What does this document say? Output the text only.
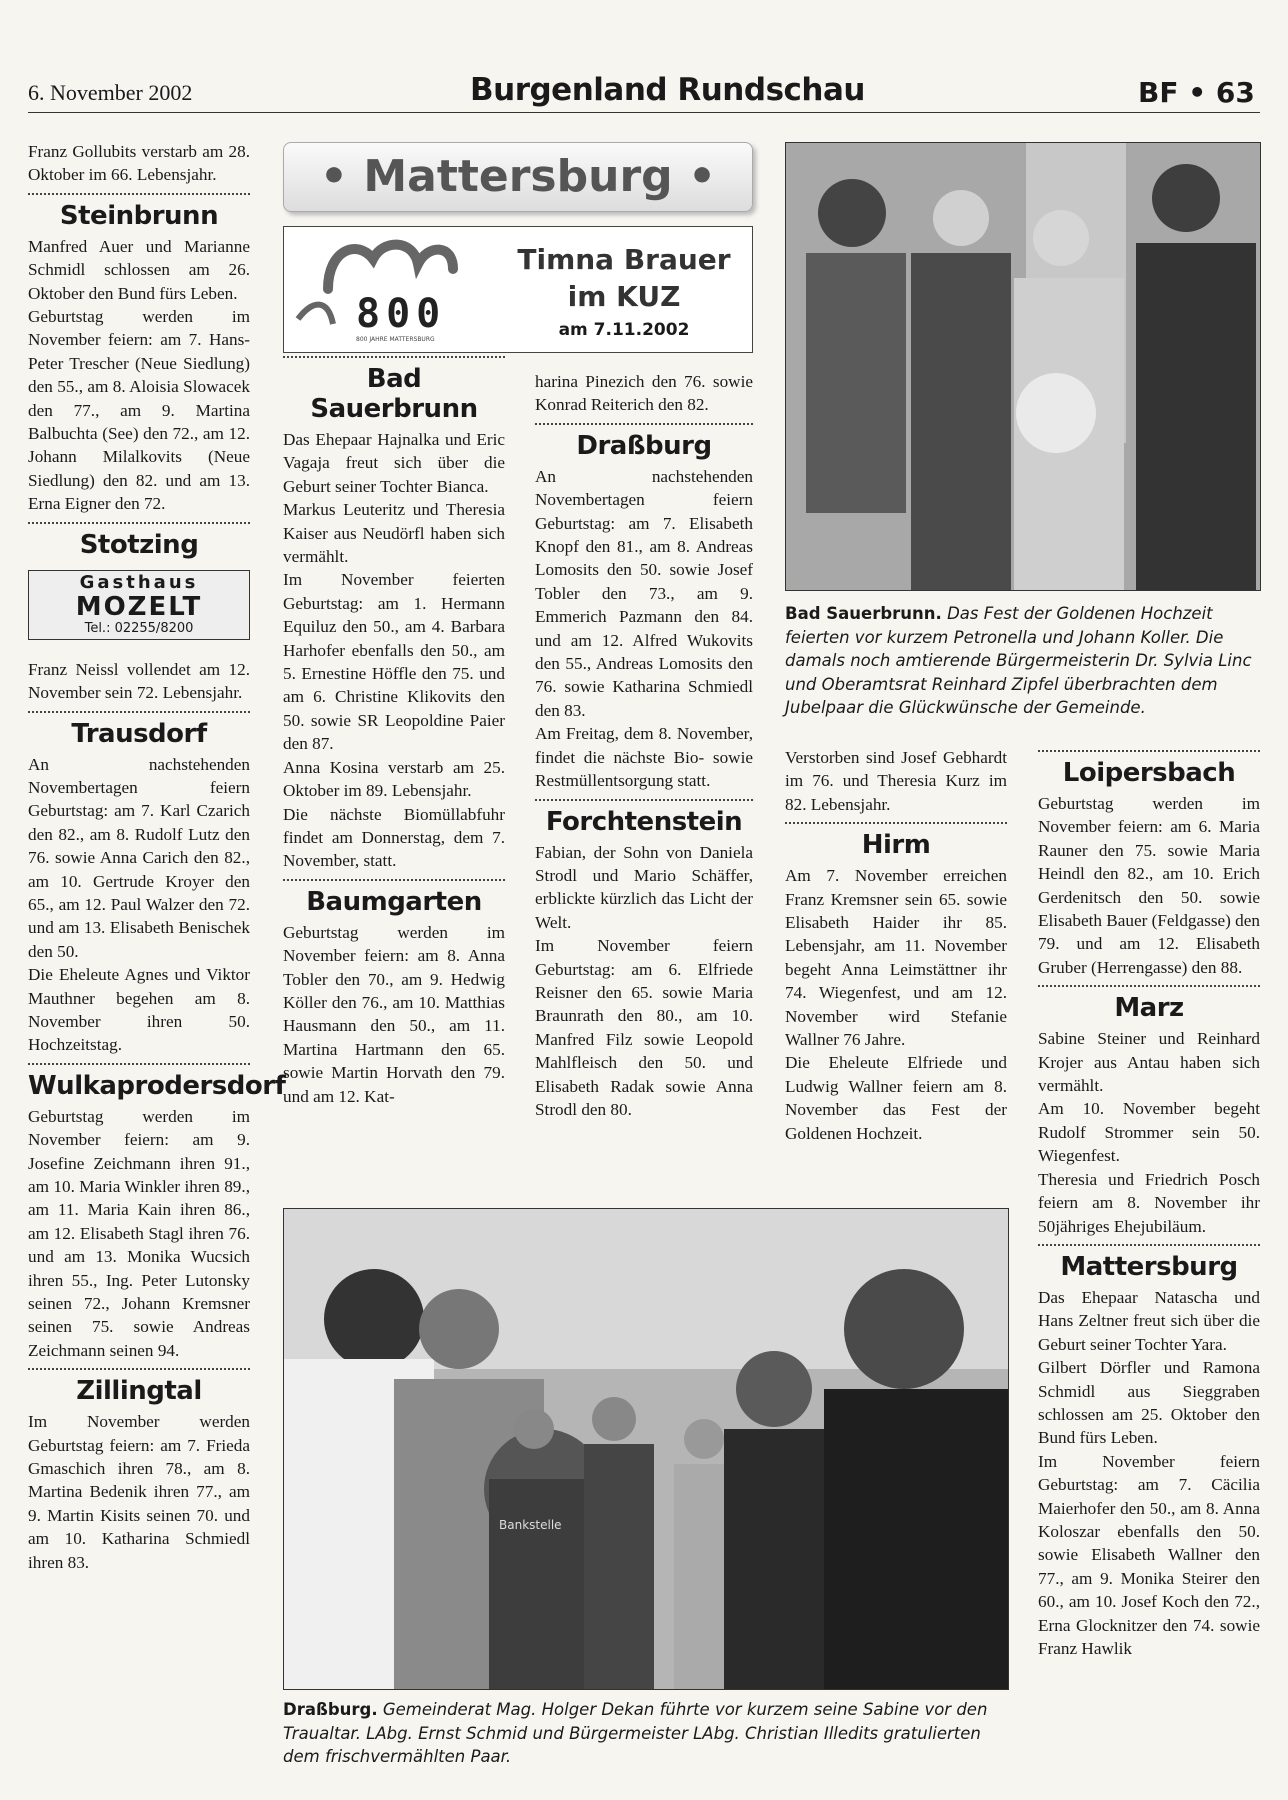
6. November 2002	Burgenland Rundschau	BF • 63

Franz Gollubits verstarb am 28. Oktober im 66. Lebensjahr.

Steinbrunn

Manfred Auer und Marianne Schmidl schlossen am 26. Oktober den Bund fürs Leben.

Geburtstag werden im November feiern: am 7. Hans-Peter Trescher (Neue Siedlung) den 55., am 8. Aloisia Slowacek den 77., am 9. Martina Balbuchta (See) den 72., am 12. Johann Milalkovits (Neue Siedlung) den 82. und am 13. Erna Eigner den 72.

Stotzing
Gasthaus
MOZELT
Tel.: 02255/8200

Franz Neissl vollendet am 12. November sein 72. Lebensjahr.

Trausdorf

An nachstehenden Novembertagen feiern Geburtstag: am 7. Karl Czarich den 82., am 8. Rudolf Lutz den 76. sowie Anna Carich den 82., am 10. Gertrude Kroyer den 65., am 12. Paul Walzer den 72. und am 13. Elisabeth Benischek den 50.

Die Eheleute Agnes und Viktor Mauthner begehen am 8. November ihren 50. Hochzeitstag.

Wulkaprodersdorf

Geburtstag werden im November feiern: am 9. Josefine Zeichmann ihren 91., am 10. Maria Winkler ihren 89., am 11. Maria Kain ihren 86., am 12. Elisabeth Stagl ihren 76. und am 13. Monika Wucsich ihren 55., Ing. Peter Lutonsky seinen 72., Johann Kremsner seinen 75. sowie Andreas Zeichmann seinen 94.

Zillingtal

Im November werden Geburtstag feiern: am 7. Frieda Gmaschich ihren 78., am 8. Martina Bedenik ihren 77., am 9. Martin Kisits seinen 70. und am 10. Katharina Schmiedl ihren 83.

• Mattersburg •
800
800 JAHRE MATTERSBURG
Timna Brauer im KUZ
am 7.11.2002
Bad Sauerbrunn

Das Ehepaar Hajnalka und Eric Vagaja freut sich über die Geburt seiner Tochter Bianca.

Markus Leuteritz und Theresia Kaiser aus Neudörfl haben sich vermählt.

Im November feierten Geburtstag: am 1. Hermann Equiluz den 50., am 4. Barbara Harhofer ebenfalls den 50., am 5. Ernestine Höffle den 75. und am 6. Christine Klikovits den 50. sowie SR Leopoldine Paier den 87.

Anna Kosina verstarb am 25. Oktober im 89. Lebensjahr.

Die nächste Biomüllabfuhr findet am Donnerstag, dem 7. November, statt.

Baumgarten

Geburtstag werden im November feiern: am 8. Anna Tobler den 70., am 9. Hedwig Köller den 76., am 10. Matthias Hausmann den 50., am 11. Martina Hartmann den 65. sowie Martin Horvath den 79. und am 12. Kat-

harina Pinezich den 76. sowie Konrad Reiterich den 82.

Draßburg

An nachstehenden Novembertagen feiern Geburtstag: am 7. Elisabeth Knopf den 81., am 8. Andreas Lomosits den 50. sowie Josef Tobler den 73., am 9. Emmerich Pazmann den 84. und am 12. Alfred Wukovits den 55., Andreas Lomosits den 76. sowie Katharina Schmiedl den 83.

Am Freitag, dem 8. November, findet die nächste Bio- sowie Restmüllentsorgung statt.

Forchtenstein

Fabian, der Sohn von Daniela Strodl und Mario Schäffer, erblickte kürzlich das Licht der Welt.

Im November feiern Geburtstag: am 6. Elfriede Reisner den 65. sowie Maria Braunrath den 80., am 10. Manfred Filz sowie Leopold Mahlfleisch den 50. und Elisabeth Radak sowie Anna Strodl den 80.

Bad Sauerbrunn. Das Fest der Goldenen Hochzeit feierten vor kurzem Petronella und Johann Koller. Die damals noch amtierende Bürgermeisterin Dr. Sylvia Linc und Oberamtsrat Reinhard Zipfel überbrachten dem Jubelpaar die Glückwünsche der Gemeinde.

Verstorben sind Josef Gebhardt im 76. und Theresia Kurz im 82. Lebensjahr.

Hirm

Am 7. November erreichen Franz Kremsner sein 65. sowie Elisabeth Haider ihr 85. Lebensjahr, am 11. November begeht Anna Leimstättner ihr 74. Wiegenfest, und am 12. November wird Stefanie Wallner 76 Jahre.

Die Eheleute Elfriede und Ludwig Wallner feiern am 8. November das Fest der Goldenen Hochzeit.

Loipersbach

Geburtstag werden im November feiern: am 6. Maria Rauner den 75. sowie Maria Heindl den 82., am 10. Erich Gerdenitsch den 50. sowie Elisabeth Bauer (Feldgasse) den 79. und am 12. Elisabeth Gruber (Herrengasse) den 88.

Marz

Sabine Steiner und Reinhard Krojer aus Antau haben sich vermählt.

Am 10. November begeht Rudolf Strommer sein 50. Wiegenfest.

Theresia und Friedrich Posch feiern am 8. November ihr 50jähriges Ehejubiläum.

Mattersburg

Das Ehepaar Natascha und Hans Zeltner freut sich über die Geburt seiner Tochter Yara.

Gilbert Dörfler und Ramona Schmidl aus Sieggraben schlossen am 25. Oktober den Bund fürs Leben.

Im November feiern Geburtstag: am 7. Cäcilia Maierhofer den 50., am 8. Anna Koloszar ebenfalls den 50. sowie Elisabeth Wallner den 77., am 9. Monika Steirer den 60., am 10. Josef Koch den 72., Erna Glocknitzer den 74. sowie Franz Hawlik

Bankstelle
Draßburg. Gemeinderat Mag. Holger Dekan führte vor kurzem seine Sabine vor den Traualtar. LAbg. Ernst Schmid und Bürgermeister LAbg. Christian Illedits gratulierten dem frischvermählten Paar.
